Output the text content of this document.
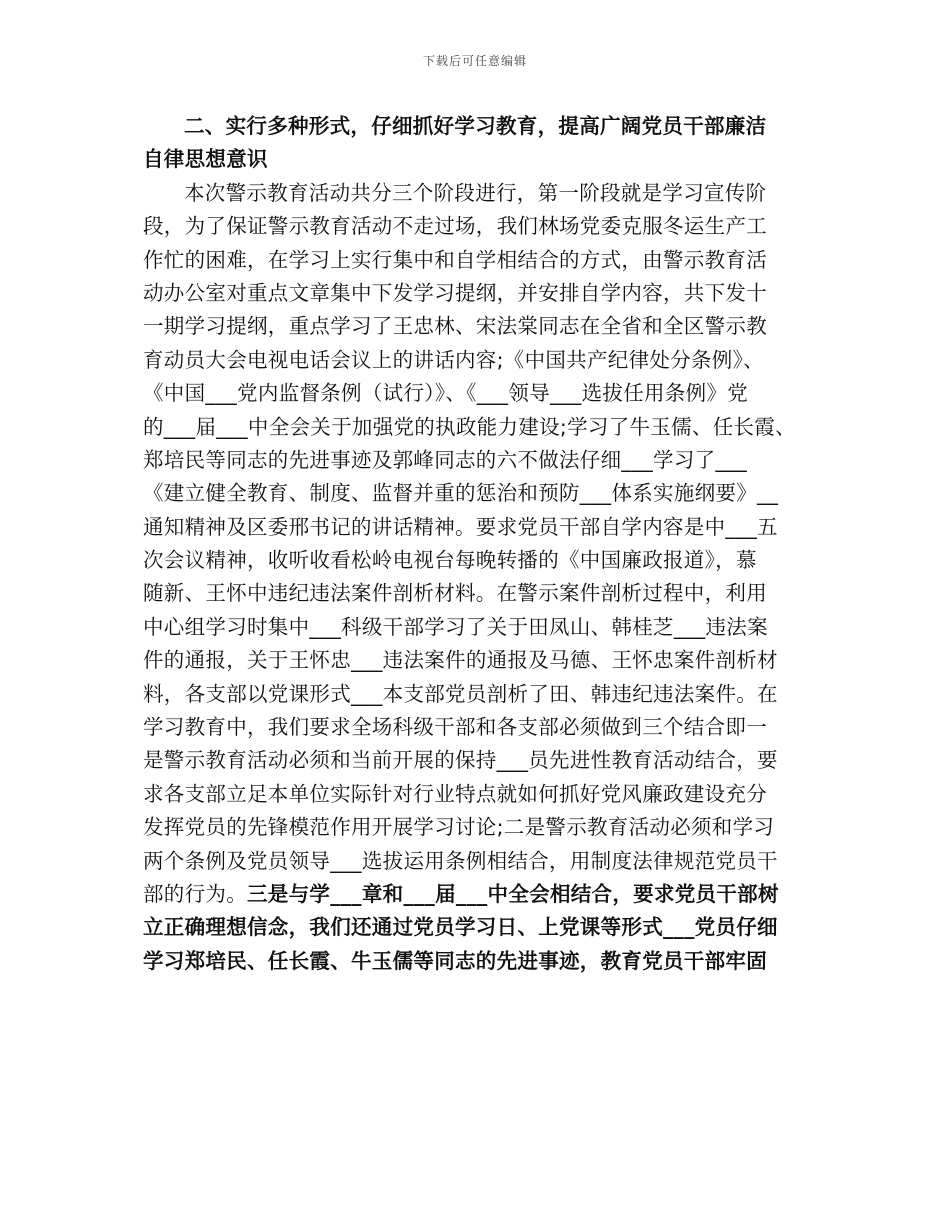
下载后可任意编辑
二、实行多种形式，仔细抓好学习教育，提高广阔党员干部廉洁
自律思想意识
本次警示教育活动共分三个阶段进行，第一阶段就是学习宣传阶
段，为了保证警示教育活动不走过场，我们林场党委克服冬运生产工
作忙的困难，在学习上实行集中和自学相结合的方式，由警示教育活
动办公室对重点文章集中下发学习提纲，并安排自学内容，共下发十
一期学习提纲，重点学习了王忠林、宋法棠同志在全省和全区警示教
育动员大会电视电话会议上的讲话内容;《中国共产纪律处分条例》、
《中国___党内监督条例（试行）》、《___领导___选拔任用条例》党
的___届___中全会关于加强党的执政能力建设;学习了牛玉儒、任长霞、
郑培民等同志的先进事迹及郭峰同志的六不做法仔细___学习了___
《建立健全教育、制度、监督并重的惩治和预防___体系实施纲要》__
通知精神及区委邢书记的讲话精神。要求党员干部自学内容是中___五
次会议精神，收听收看松岭电视台每晚转播的《中国廉政报道》，慕
随新、王怀中违纪违法案件剖析材料。在警示案件剖析过程中，利用
中心组学习时集中___科级干部学习了关于田凤山、韩桂芝___违法案
件的通报，关于王怀忠___违法案件的通报及马德、王怀忠案件剖析材
料，各支部以党课形式___本支部党员剖析了田、韩违纪违法案件。在
学习教育中，我们要求全场科级干部和各支部必须做到三个结合即一
是警示教育活动必须和当前开展的保持___员先进性教育活动结合，要
求各支部立足本单位实际针对行业特点就如何抓好党风廉政建设充分
发挥党员的先锋模范作用开展学习讨论;二是警示教育活动必须和学习
两个条例及党员领导___选拔运用条例相结合，用制度法律规范党员干
部的行为。三是与学___章和___届___中全会相结合，要求党员干部树
立正确理想信念，我们还通过党员学习日、上党课等形式___党员仔细
学习郑培民、任长霞、牛玉儒等同志的先进事迹，教育党员干部牢固
